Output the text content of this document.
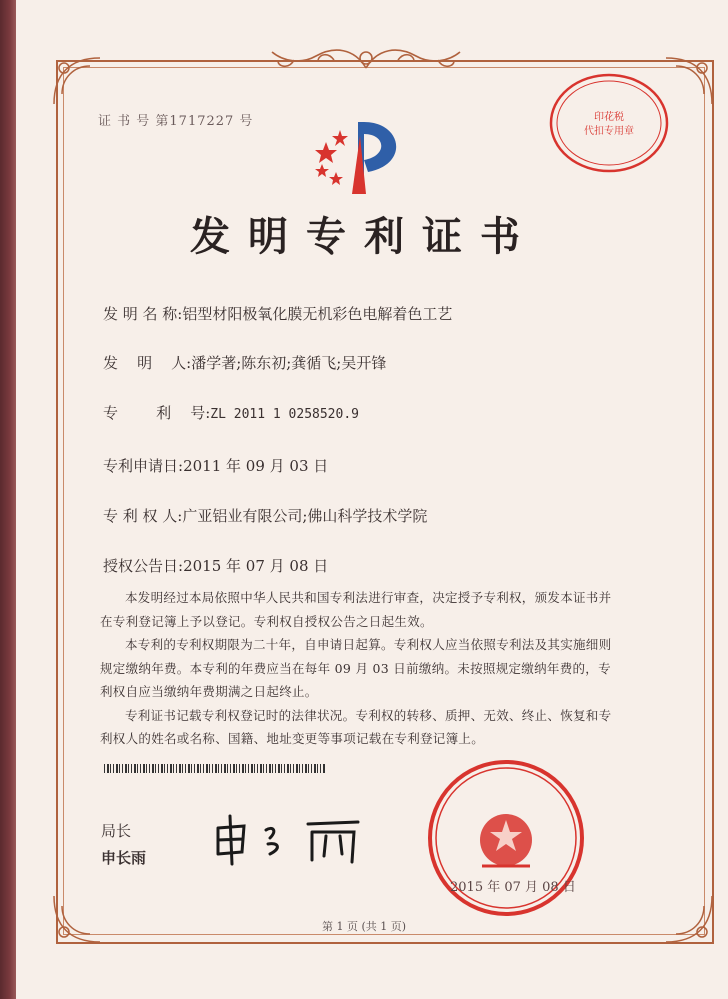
证 书 号 第1717227 号	印花税
代扣专用章
发明专利证书
发 明 名 称:铝型材阳极氧化膜无机彩色电解着色工艺
发    明    人:潘学著;陈东初;龚循飞;吴开锋
专        利    号:ZL 2011 1 0258520.9
专利申请日:2011 年 09 月 03 日
专 利 权 人:广亚铝业有限公司;佛山科学技术学院
授权公告日:2015 年 07 月 08 日

本发明经过本局依照中华人民共和国专利法进行审查，决定授予专利权，颁发本证书并在专利登记簿上予以登记。专利权自授权公告之日起生效。

本专利的专利权期限为二十年，自申请日起算。专利权人应当依照专利法及其实施细则规定缴纳年费。本专利的年费应当在每年 09 月 03 日前缴纳。未按照规定缴纳年费的，专利权自应当缴纳年费期满之日起终止。

专利证书记载专利权登记时的法律状况。专利权的转移、质押、无效、终止、恢复和专利权人的姓名或名称、国籍、地址变更等事项记载在专利登记簿上。

局长
申长雨
2015 年 07 月 08 日
第 1 页 (共 1 页)
